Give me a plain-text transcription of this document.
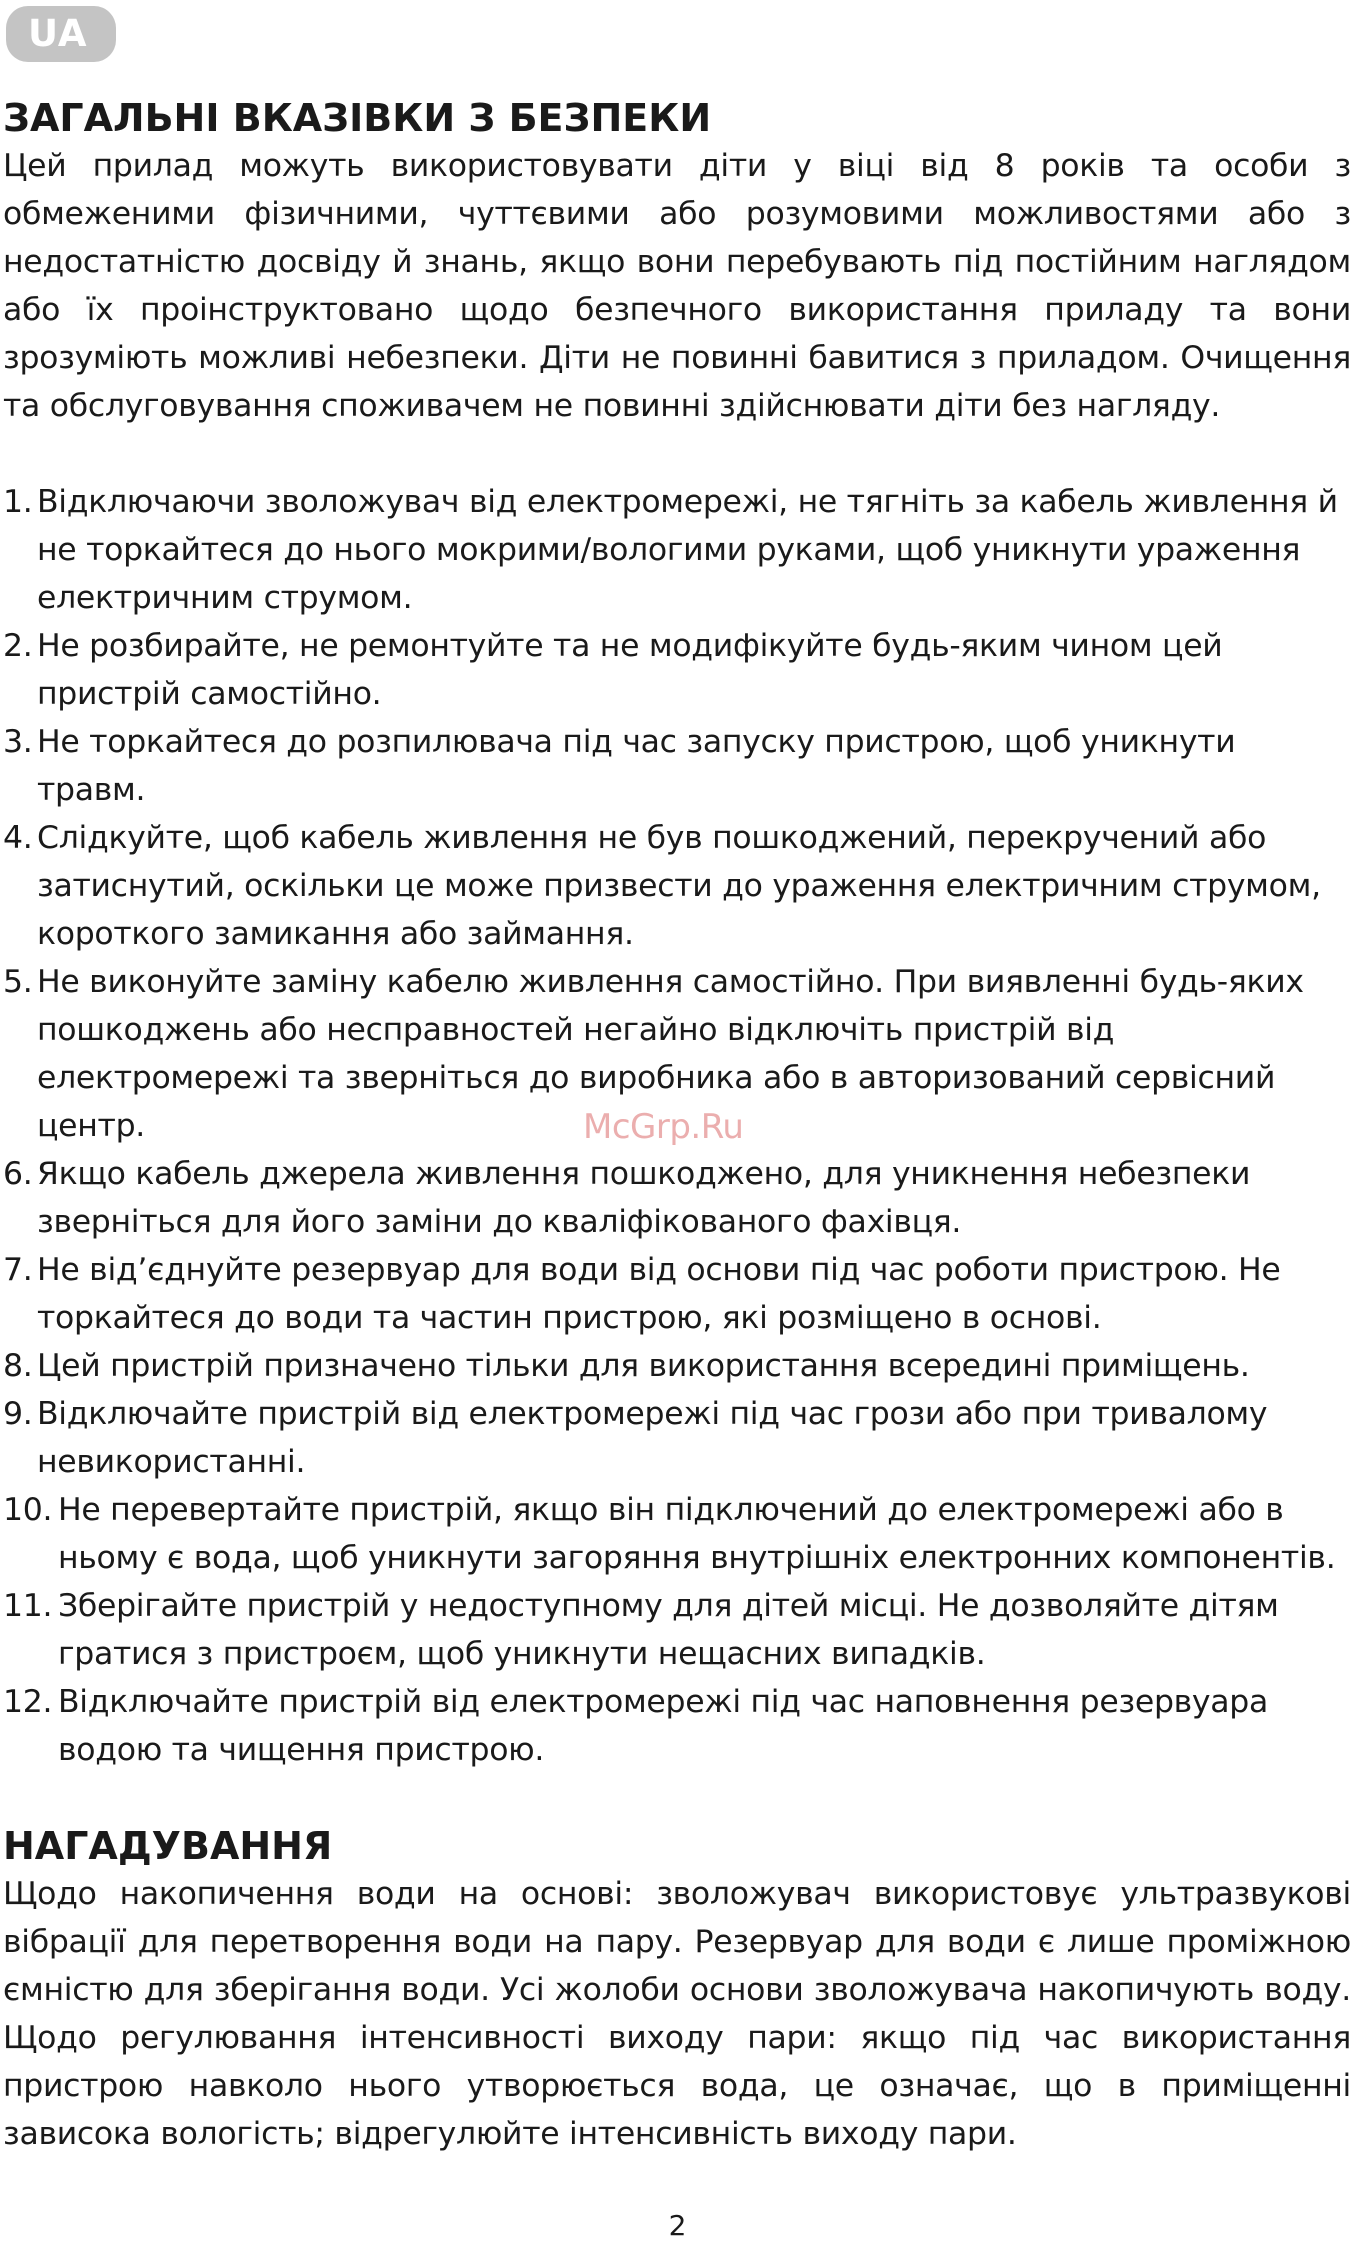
UA
ЗАГАЛЬНІ ВКАЗІВКИ З БЕЗПЕКИ

Цей прилад можуть використовувати діти у віці від 8 років та особи з обмеженими фізичними, чуттєвими або розумовими можливостями або з недостатністю досвіду й знань, якщо вони перебувають під постійним наглядом або їх проінструктовано щодо безпечного використання приладу та вони зрозуміють можливі небезпеки. Діти не повинні бавитися з приладом. Очищення та обслуговування споживачем не повинні здійснювати діти без нагляду.

1. Відключаючи зволожувач від електромережі, не тягніть за кабель живлення й не торкайтеся до нього мокрими/вологими руками, щоб уникнути ураження електричним струмом.
2. Не розбирайте, не ремонтуйте та не модифікуйте будь-яким чином цей пристрій самостійно.
3. Не торкайтеся до розпилювача під час запуску пристрою, щоб уникнути травм.
4. Слідкуйте, щоб кабель живлення не був пошкоджений, перекручений або затиснутий, оскільки це може призвести до ураження електричним струмом, короткого замикання або займання.
5. Не виконуйте заміну кабелю живлення самостійно. При виявленні будь-яких пошкоджень або несправностей негайно відключіть пристрій від електромережі та зверніться до виробника або в авторизований сервісний центр.
6. Якщо кабель джерела живлення пошкоджено, для уникнення небезпеки зверніться для його заміни до кваліфікованого фахівця.
7. Не від’єднуйте резервуар для води від основи під час роботи пристрою. Не торкайтеся до води та частин пристрою, які розміщено в основі.
8. Цей пристрій призначено тільки для використання всередині приміщень.
9. Відключайте пристрій від електромережі під час грози або при тривалому невикористанні.
10. Не перевертайте пристрій, якщо він підключений до електромережі або в ньому є вода, щоб уникнути загоряння внутрішніх електронних компонентів.
11. Зберігайте пристрій у недоступному для дітей місці. Не дозволяйте дітям гратися з пристроєм, щоб уникнути нещасних випадків.
12. Відключайте пристрій від електромережі під час наповнення резервуара водою та чищення пристрою.
НАГАДУВАННЯ

Щодо накопичення води на основі: зволожувач використовує ультразвукові вібрації для перетворення води на пару. Резервуар для води є лише проміжною ємністю для зберігання води. Усі жолоби основи зволожувача накопичують воду. Щодо регулювання інтенсивності виходу пари: якщо під час використання пристрою навколо нього утворюється вода, це означає, що в приміщенні зависока вологість; відрегулюйте інтенсивність виходу пари.

McGrp.Ru
2
